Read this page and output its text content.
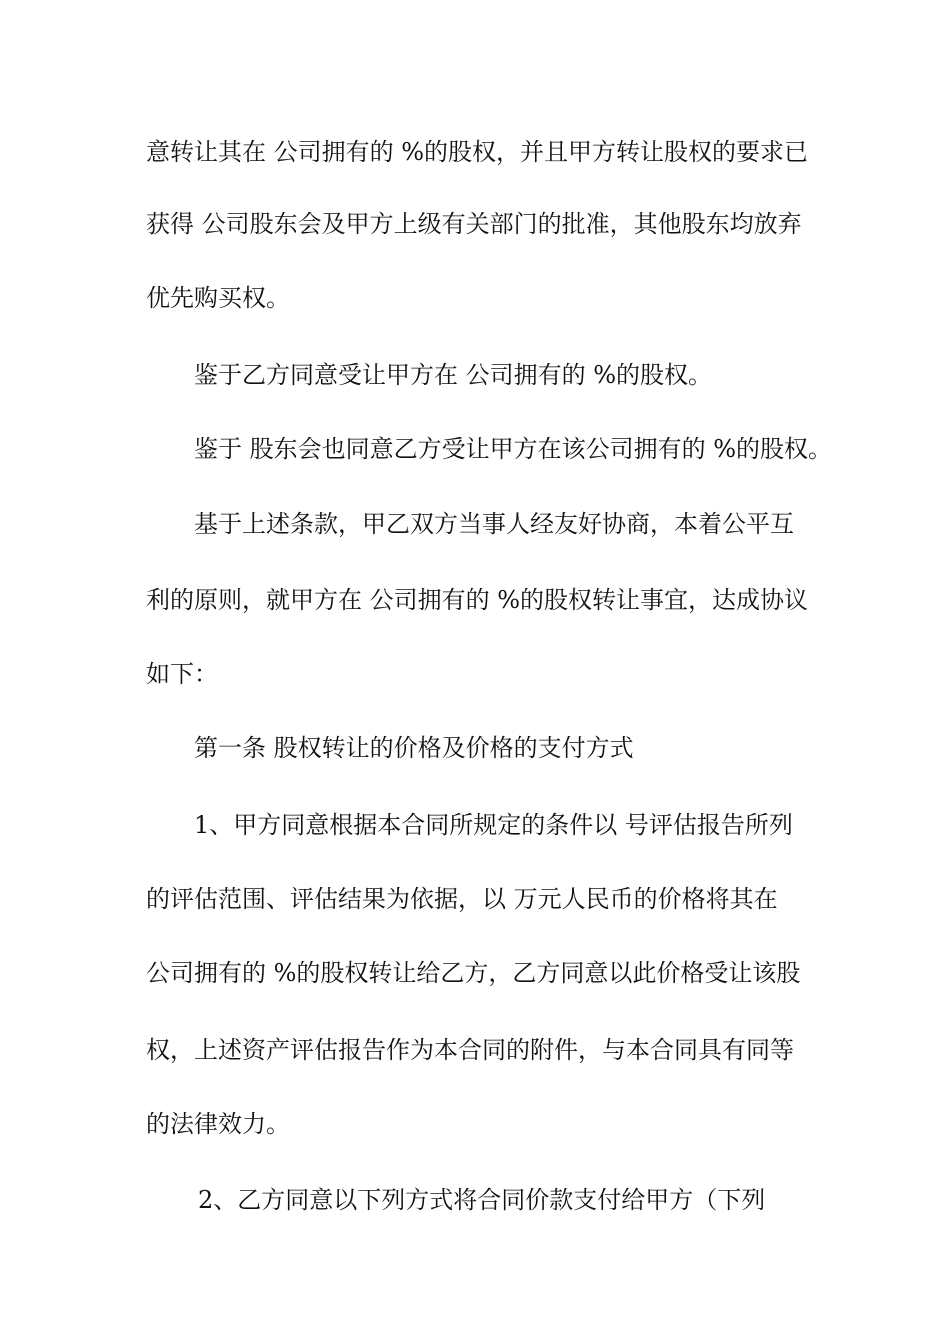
意转让其在 公司拥有的 %的股权，并且甲方转让股权的要求已
获得 公司股东会及甲方上级有关部门的批准，其他股东均放弃
优先购买权。
鉴于乙方同意受让甲方在 公司拥有的 %的股权。
鉴于 股东会也同意乙方受让甲方在该公司拥有的 %的股权。
基于上述条款，甲乙双方当事人经友好协商，本着公平互
利的原则，就甲方在 公司拥有的 %的股权转让事宜，达成协议
如下：
第一条 股权转让的价格及价格的支付方式
1、甲方同意根据本合同所规定的条件以 号评估报告所列
的评估范围、评估结果为依据，以 万元人民币的价格将其在
公司拥有的 %的股权转让给乙方，乙方同意以此价格受让该股
权，上述资产评估报告作为本合同的附件，与本合同具有同等
的法律效力。
2、乙方同意以下列方式将合同价款支付给甲方（下列
